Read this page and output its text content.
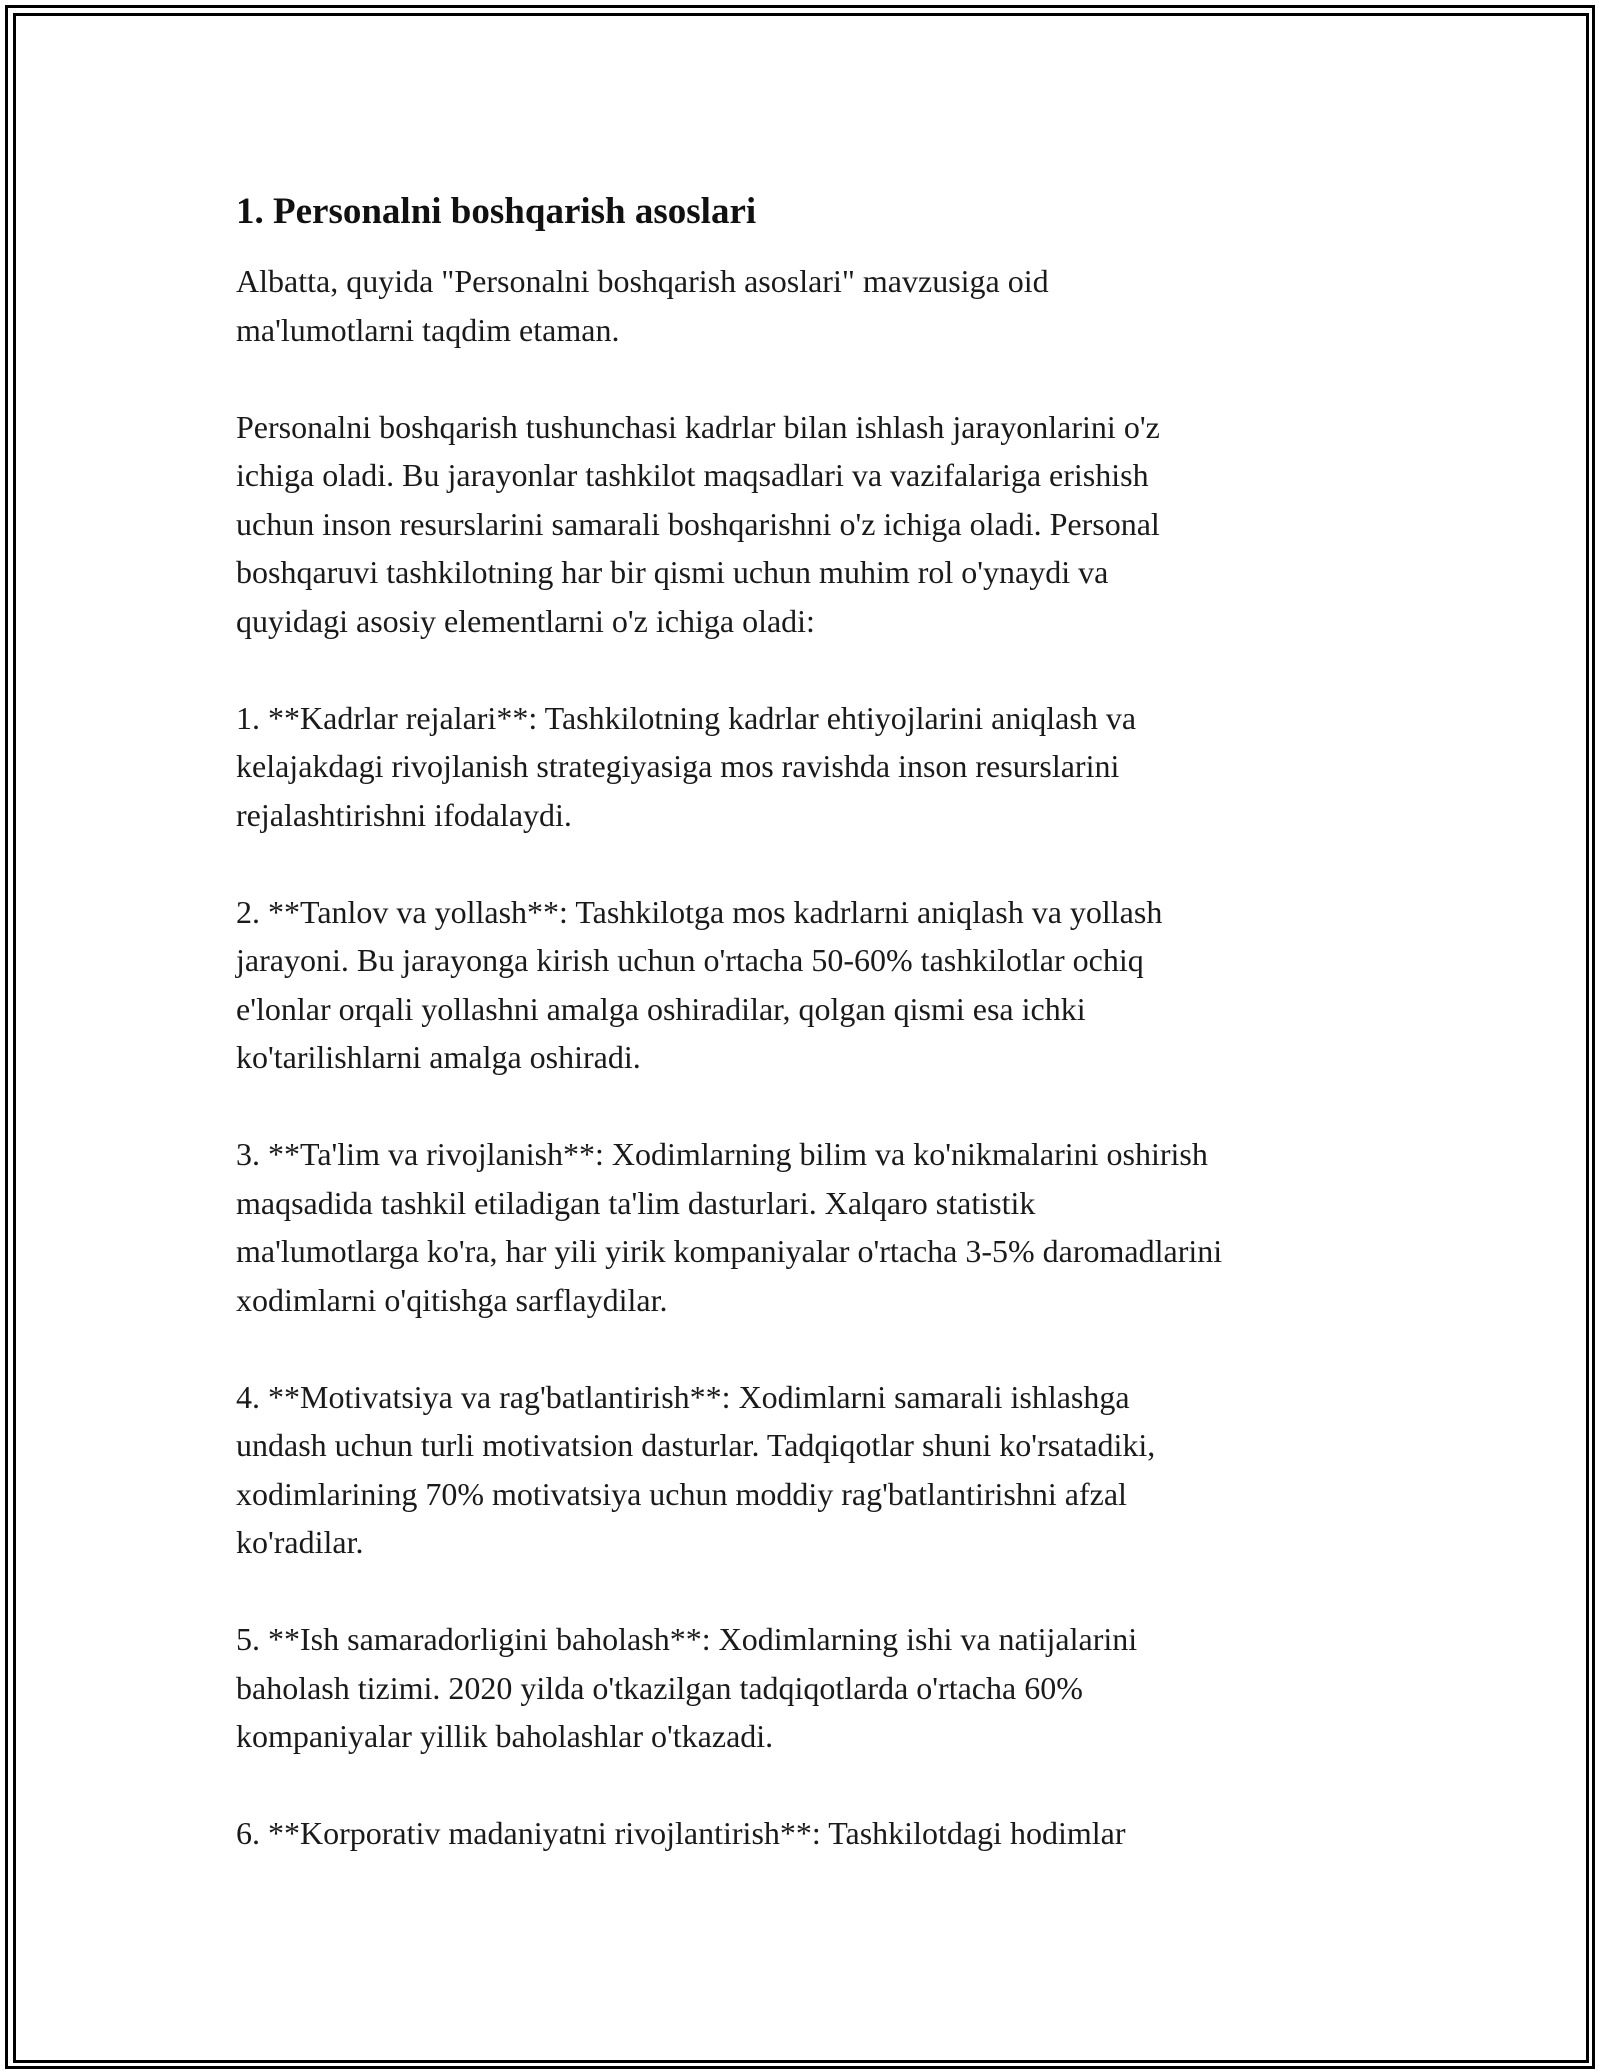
1. Personalni boshqarish asoslari

Albatta, quyida "Personalni boshqarish asoslari" mavzusiga oid
ma'lumotlarni taqdim etaman.

Personalni boshqarish tushunchasi kadrlar bilan ishlash jarayonlarini o'z
ichiga oladi. Bu jarayonlar tashkilot maqsadlari va vazifalariga erishish
uchun inson resurslarini samarali boshqarishni o'z ichiga oladi. Personal
boshqaruvi tashkilotning har bir qismi uchun muhim rol o'ynaydi va
quyidagi asosiy elementlarni o'z ichiga oladi:

1. **Kadrlar rejalari**: Tashkilotning kadrlar ehtiyojlarini aniqlash va
kelajakdagi rivojlanish strategiyasiga mos ravishda inson resurslarini
rejalashtirishni ifodalaydi.

2. **Tanlov va yollash**: Tashkilotga mos kadrlarni aniqlash va yollash
jarayoni. Bu jarayonga kirish uchun o'rtacha 50-60% tashkilotlar ochiq
e'lonlar orqali yollashni amalga oshiradilar, qolgan qismi esa ichki
ko'tarilishlarni amalga oshiradi.

3. **Ta'lim va rivojlanish**: Xodimlarning bilim va ko'nikmalarini oshirish
maqsadida tashkil etiladigan ta'lim dasturlari. Xalqaro statistik
ma'lumotlarga ko'ra, har yili yirik kompaniyalar o'rtacha 3-5% daromadlarini
xodimlarni o'qitishga sarflaydilar.

4. **Motivatsiya va rag'batlantirish**: Xodimlarni samarali ishlashga
undash uchun turli motivatsion dasturlar. Tadqiqotlar shuni ko'rsatadiki,
xodimlarining 70% motivatsiya uchun moddiy rag'batlantirishni afzal
ko'radilar.

5. **Ish samaradorligini baholash**: Xodimlarning ishi va natijalarini
baholash tizimi. 2020 yilda o'tkazilgan tadqiqotlarda o'rtacha 60%
kompaniyalar yillik baholashlar o'tkazadi.

6. **Korporativ madaniyatni rivojlantirish**: Tashkilotdagi hodimlar
